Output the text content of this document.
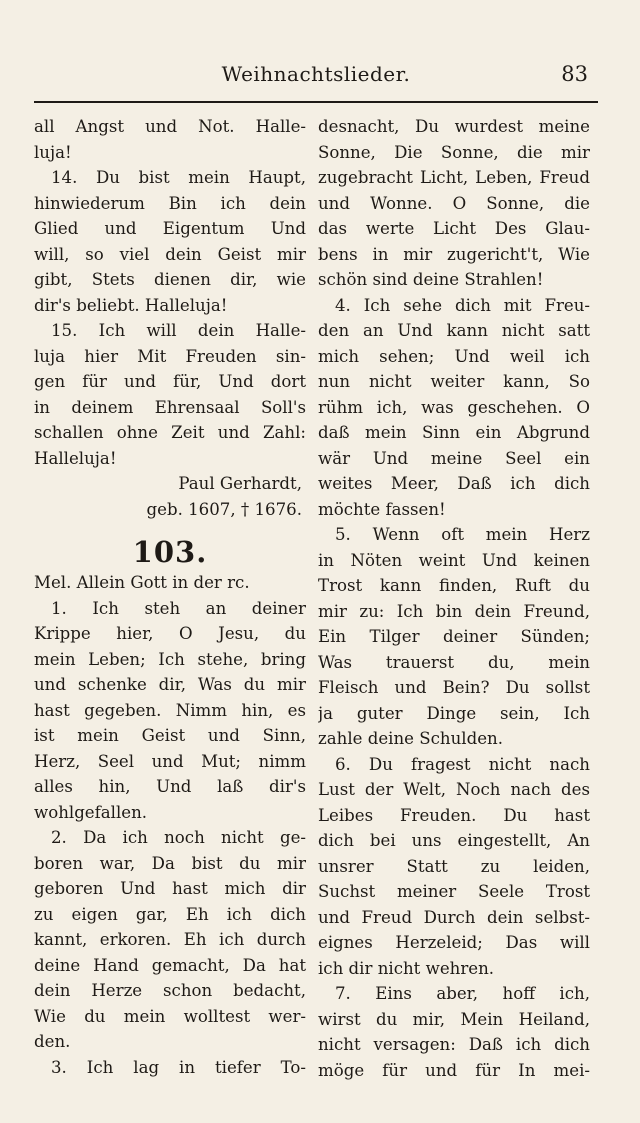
Weihnachtslieder.	83
all Angst und Not. Halle-
luja!
14. Du bist mein Haupt,
hinwiederum Bin ich dein
Glied und Eigentum Und
will, so viel dein Geist mir
gibt, Stets dienen dir, wie
dir's beliebt. Halleluja!
15. Ich will dein Halle-
luja hier Mit Freuden sin-
gen für und für, Und dort
in deinem Ehrensaal Soll's
schallen ohne Zeit und Zahl:
Halleluja!
Paul Gerhardt,
geb. 1607, † 1676.
103.
Mel. Allein Gott in der rc.
1. Ich steh an deiner
Krippe hier, O Jesu, du
mein Leben; Ich stehe, bring
und schenke dir, Was du mir
hast gegeben. Nimm hin, es
ist mein Geist und Sinn,
Herz, Seel und Mut; nimm
alles hin, Und laß dir's
wohlgefallen.
2. Da ich noch nicht ge-
boren war, Da bist du mir
geboren Und hast mich dir
zu eigen gar, Eh ich dich
kannt, erkoren. Eh ich durch
deine Hand gemacht, Da hat
dein Herze schon bedacht,
Wie du mein wolltest wer-
den.
3. Ich lag in tiefer To-
desnacht, Du wurdest meine
Sonne, Die Sonne, die mir
zugebracht Licht, Leben, Freud
und Wonne. O Sonne, die
das werte Licht Des Glau-
bens in mir zugericht't, Wie
schön sind deine Strahlen!
4. Ich sehe dich mit Freu-
den an Und kann nicht satt
mich sehen; Und weil ich
nun nicht weiter kann, So
rühm ich, was geschehen. O
daß mein Sinn ein Abgrund
wär Und meine Seel ein
weites Meer, Daß ich dich
möchte fassen!
5. Wenn oft mein Herz
in Nöten weint Und keinen
Trost kann finden, Ruft du
mir zu: Ich bin dein Freund,
Ein Tilger deiner Sünden;
Was trauerst du, mein
Fleisch und Bein? Du sollst
ja guter Dinge sein, Ich
zahle deine Schulden.
6. Du fragest nicht nach
Lust der Welt, Noch nach des
Leibes Freuden. Du hast
dich bei uns eingestellt, An
unsrer Statt zu leiden,
Suchst meiner Seele Trost
und Freud Durch dein selbst-
eignes Herzeleid; Das will
ich dir nicht wehren.
7. Eins aber, hoff ich,
wirst du mir, Mein Heiland,
nicht versagen: Daß ich dich
möge für und für In mei-
